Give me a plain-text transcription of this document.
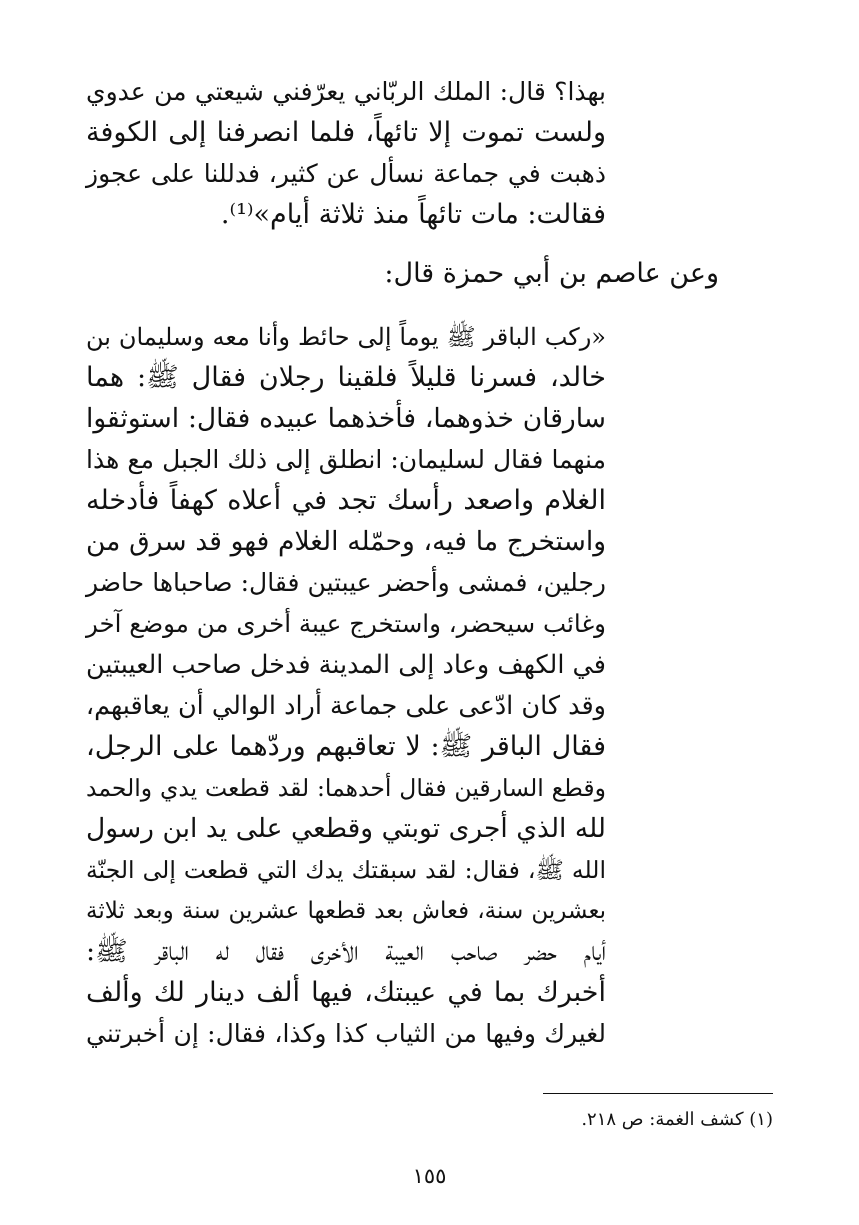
بهذا؟ قال: الملك الربّاني يعرّفني شيعتي من عدوي
ولست تموت إلا تائهاً، فلما انصرفنا إلى الكوفة
ذهبت في جماعة نسأل عن كثير، فدللنا على عجوز
فقالت: مات تائهاً منذ ثلاثة أيام»⁽¹⁾.
وعن عاصم بن أبي حمزة قال:
«ركب الباقر ﷺ يوماً إلى حائط وأنا معه وسليمان بن
خالد، فسرنا قليلاً فلقينا رجلان فقال ﷺ: هما
سارقان خذوهما، فأخذهما عبيده فقال: استوثقوا
منهما فقال لسليمان: انطلق إلى ذلك الجبل مع هذا
الغلام واصعد رأسك تجد في أعلاه كهفاً فأدخله
واستخرج ما فيه، وحمّله الغلام فهو قد سرق من
رجلين، فمشى وأحضر عيبتين فقال: صاحباها حاضر
وغائب سيحضر، واستخرج عيبة أخرى من موضع آخر
في الكهف وعاد إلى المدينة فدخل صاحب العيبتين
وقد كان ادّعى على جماعة أراد الوالي أن يعاقبهم،
فقال الباقر ﷺ: لا تعاقبهم وردّهما على الرجل،
وقطع السارقين فقال أحدهما: لقد قطعت يدي والحمد
لله الذي أجرى توبتي وقطعي على يد ابن رسول
الله ﷺ، فقال: لقد سبقتك يدك التي قطعت إلى الجنّة
بعشرين سنة، فعاش بعد قطعها عشرين سنة وبعد ثلاثة
أيام حضر صاحب العيبة الأخرى فقال له الباقر ﷺ:
أخبرك بما في عيبتك، فيها ألف دينار لك وألف
لغيرك وفيها من الثياب كذا وكذا، فقال: إن أخبرتني
(١) كشف الغمة: ص ٢١٨.
١٥٥
